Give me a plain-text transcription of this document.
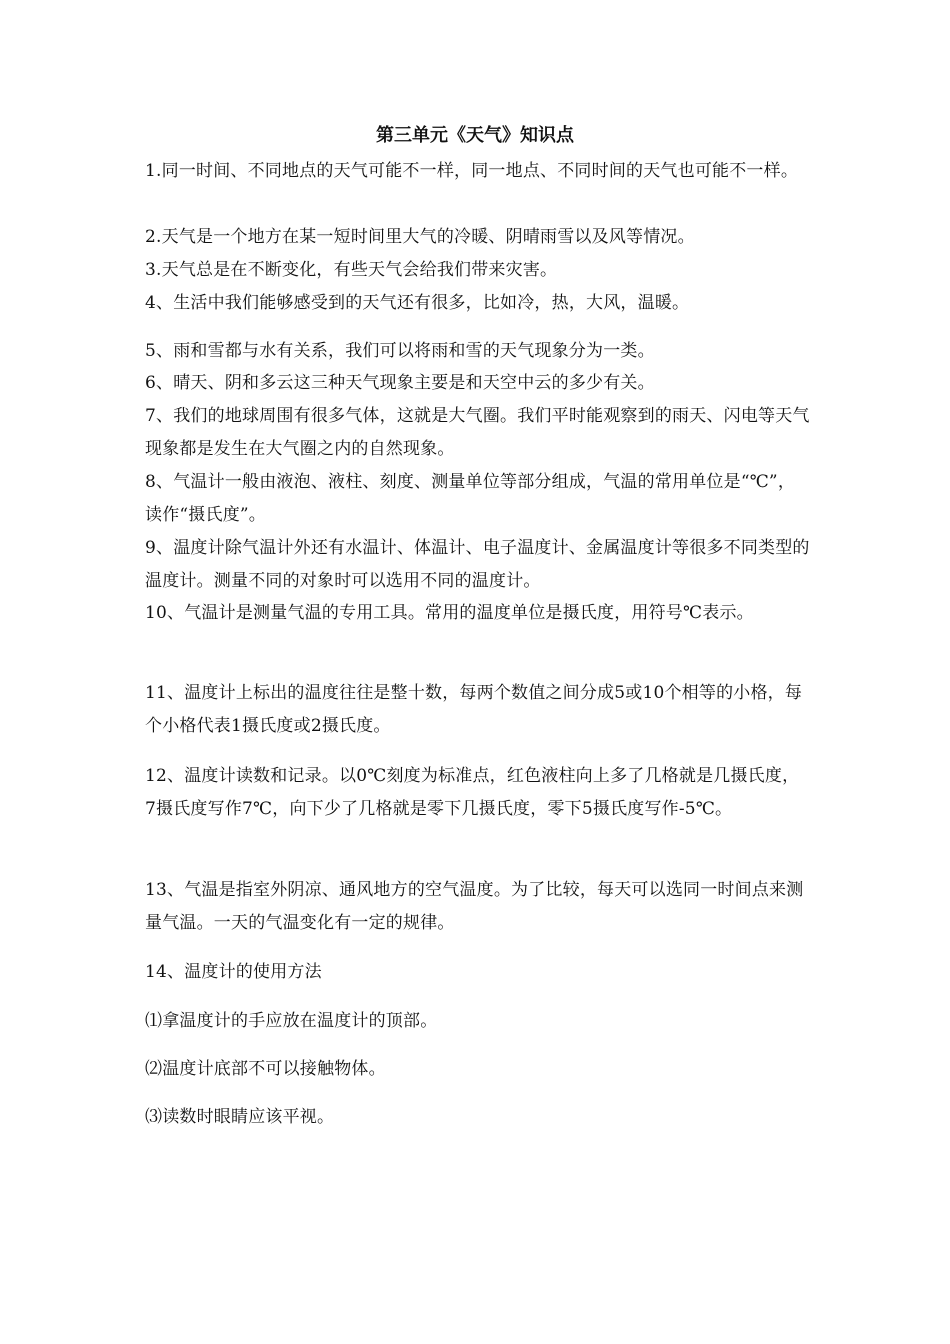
第三单元《天气》知识点
1.同一时间、不同地点的天气可能不一样，同一地点、不同时间的天气也可能不一样。
2.天气是一个地方在某一短时间里大气的冷暖、阴晴雨雪以及风等情况。
3.天气总是在不断变化，有些天气会给我们带来灾害。
4、生活中我们能够感受到的天气还有很多，比如冷，热，大风，温暖。
5、雨和雪都与水有关系，我们可以将雨和雪的天气现象分为一类。
6、晴天、阴和多云这三种天气现象主要是和天空中云的多少有关。
7、我们的地球周围有很多气体，这就是大气圈。我们平时能观察到的雨天、闪电等天气现象都是发生在大气圈之内的自然现象。
8、气温计一般由液泡、液柱、刻度、测量单位等部分组成，气温的常用单位是“℃”，读作“摄氏度”。
9、温度计除气温计外还有水温计、体温计、电子温度计、金属温度计等很多不同类型的温度计。测量不同的对象时可以选用不同的温度计。
10、气温计是测量气温的专用工具。常用的温度单位是摄氏度，用符号℃表示。
11、温度计上标出的温度往往是整十数，每两个数值之间分成5或10个相等的小格，每个小格代表1摄氏度或2摄氏度。
12、温度计读数和记录。以0℃刻度为标准点，红色液柱向上多了几格就是几摄氏度，7摄氏度写作7℃，向下少了几格就是零下几摄氏度，零下5摄氏度写作-5℃。
13、气温是指室外阴凉、通风地方的空气温度。为了比较，每天可以选同一时间点来测量气温。一天的气温变化有一定的规律。
14、温度计的使用方法
⑴拿温度计的手应放在温度计的顶部。
⑵温度计底部不可以接触物体。
⑶读数时眼睛应该平视。
